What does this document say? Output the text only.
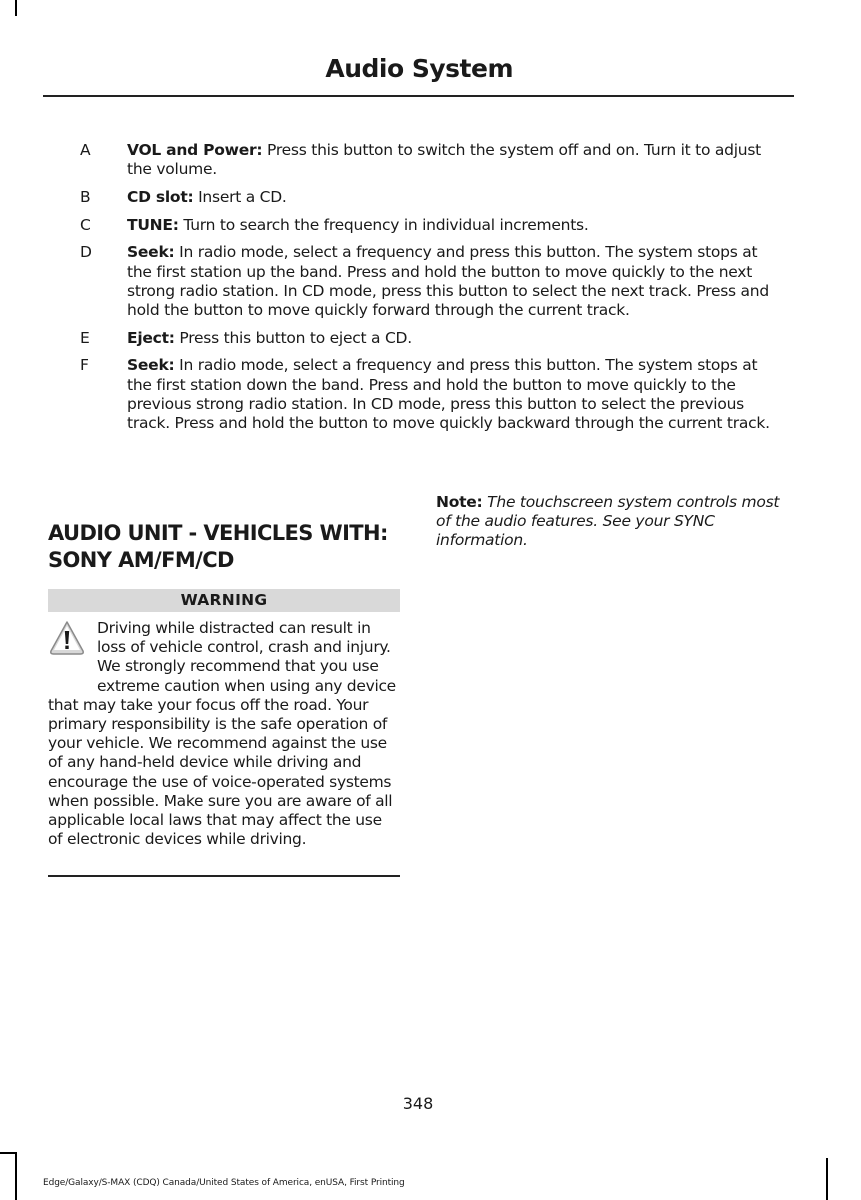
Audio System
A	VOL and Power: Press this button to switch the system off and on. Turn it to adjust the volume.
B	CD slot: Insert a CD.
C	TUNE: Turn to search the frequency in individual increments.
D	Seek: In radio mode, select a frequency and press this button. The system stops at the first station up the band. Press and hold the button to move quickly to the next strong radio station. In CD mode, press this button to select the next track. Press and hold the button to move quickly forward through the current track.
E	Eject: Press this button to eject a CD.
F	Seek: In radio mode, select a frequency and press this button. The system stops at the first station down the band. Press and hold the button to move quickly to the previous strong radio station. In CD mode, press this button to select the previous track. Press and hold the button to move quickly backward through the current track.
AUDIO UNIT - VEHICLES WITH: SONY AM/FM/CD
WARNING
Driving while distracted can result in loss of vehicle control, crash and injury. We strongly recommend that you use extreme caution when using any device that may take your focus off the road. Your primary responsibility is the safe operation of your vehicle. We recommend against the use of any hand-held device while driving and encourage the use of voice-operated systems when possible. Make sure you are aware of all applicable local laws that may affect the use of electronic devices while driving.
Note: The touchscreen system controls most of the audio features. See your SYNC information.
348
Edge/Galaxy/S-MAX (CDQ) Canada/United States of America, enUSA, First Printing
